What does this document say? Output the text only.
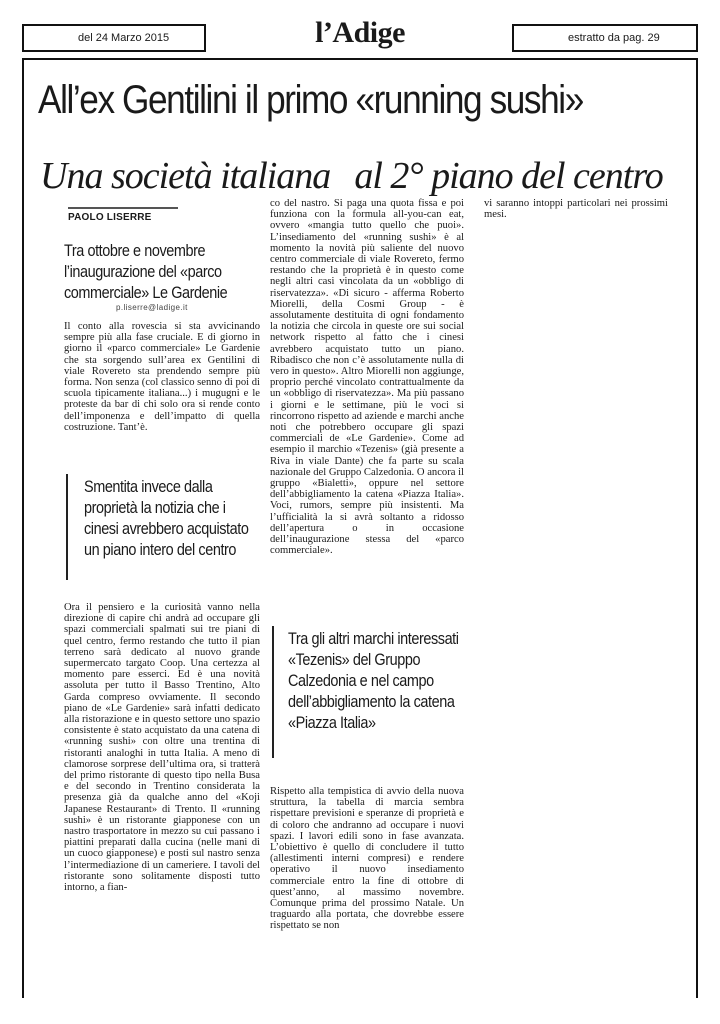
del 24 Marzo 2015	l’Adige	estratto da pag. 29
All’ex Gentilini il primo «running sushi»
Una società italiana al 2° piano del centro
PAOLO LISERRE
Tra ottobre e novembre l’inaugurazione del «parco commerciale» Le Gardenie
p.liserre@ladige.it

Il conto alla rovescia si sta avvicinando sempre più alla fase cruciale. E di giorno in giorno il «parco commerciale» Le Gardenie che sta sorgendo sull’area ex Gentilini di viale Rovereto sta prendendo sempre più forma. Non senza (col classico senno di poi di scuola tipicamente italiana...) i mugugni e le proteste da bar di chi solo ora si rende conto dell’imponenza e dell’impatto di quella costruzione. Tant’è.

Smentita invece dalla proprietà la notizia che i cinesi avrebbero acquistato un piano intero del centro

Ora il pensiero e la curiosità vanno nella direzione di capire chi andrà ad occupare gli spazi commerciali spalmati sui tre piani di quel centro, fermo restando che tutto il pian terreno sarà dedicato al nuovo grande supermercato targato Coop. Una certezza al momento pare esserci. Ed è una novità assoluta per tutto il Basso Trentino, Alto Garda compreso ovviamente. Il secondo piano de «Le Gardenie» sarà infatti dedicato alla ristorazione e in questo settore uno spazio consistente è stato acquistato da una catena di «running sushi» con oltre una trentina di ristoranti analoghi in tutta Italia. A meno di clamorose sorprese dell’ultima ora, si tratterà del primo ristorante di questo tipo nella Busa e del secondo in Trentino considerata la presenza già da qualche anno del «Koji Japanese Restaurant» di Trento. Il «running sushi» è un ristorante giapponese con un nastro trasportatore in mezzo su cui passano i piattini preparati dalla cucina (nelle mani di un cuoco giapponese) e posti sul nastro senza l’intermediazione di un cameriere. I tavoli del ristorante sono solitamente disposti tutto intorno, a fian-

co del nastro. Si paga una quota fissa e poi funziona con la formula all-you-can eat, ovvero «mangia tutto quello che puoi». L’insediamento del «running sushi» è al momento la novità più saliente del nuovo centro commerciale di viale Rovereto, fermo restando che la proprietà è in questo come negli altri casi vincolata da un «obbligo di riservatezza». «Di sicuro - afferma Roberto Miorelli, della Cosmi Group - è assolutamente destituita di ogni fondamento la notizia che circola in queste ore sui social network rispetto al fatto che i cinesi avrebbero acquistato tutto un piano. Ribadisco che non c’è assolutamente nulla di vero in questo». Altro Miorelli non aggiunge, proprio perché vincolato contrattualmente da un «obbligo di riservatezza». Ma più passano i giorni e le settimane, più le voci si rincorrono rispetto ad aziende e marchi anche noti che potrebbero occupare gli spazi commerciali de «Le Gardenie». Come ad esempio il marchio «Tezenis» (già presente a Riva in viale Dante) che fa parte su scala nazionale del Gruppo Calzedonia. O ancora il gruppo «Bialetti», oppure nel settore dell’abbigliamento la catena «Piazza Italia». Voci, rumors, sempre più insistenti. Ma l’ufficialità la si avrà soltanto a ridosso dell’apertura o in occasione dell’inaugurazione stessa del «parco commerciale».

Tra gli altri marchi interessati «Tezenis» del Gruppo Calzedonia e nel campo dell’abbigliamento la catena «Piazza Italia»

Rispetto alla tempistica di avvio della nuova struttura, la tabella di marcia sembra rispettare previsioni e speranze di proprietà e di coloro che andranno ad occupare i nuovi spazi. I lavori edili sono in fase avanzata. L’obiettivo è quello di concludere il tutto (allestimenti interni compresi) e rendere operativo il nuovo insediamento commerciale entro la fine di ottobre di quest’anno, al massimo novembre. Comunque prima del prossimo Natale. Un traguardo alla portata, che dovrebbe essere rispettato se non

vi saranno intoppi particolari nei prossimi mesi.
